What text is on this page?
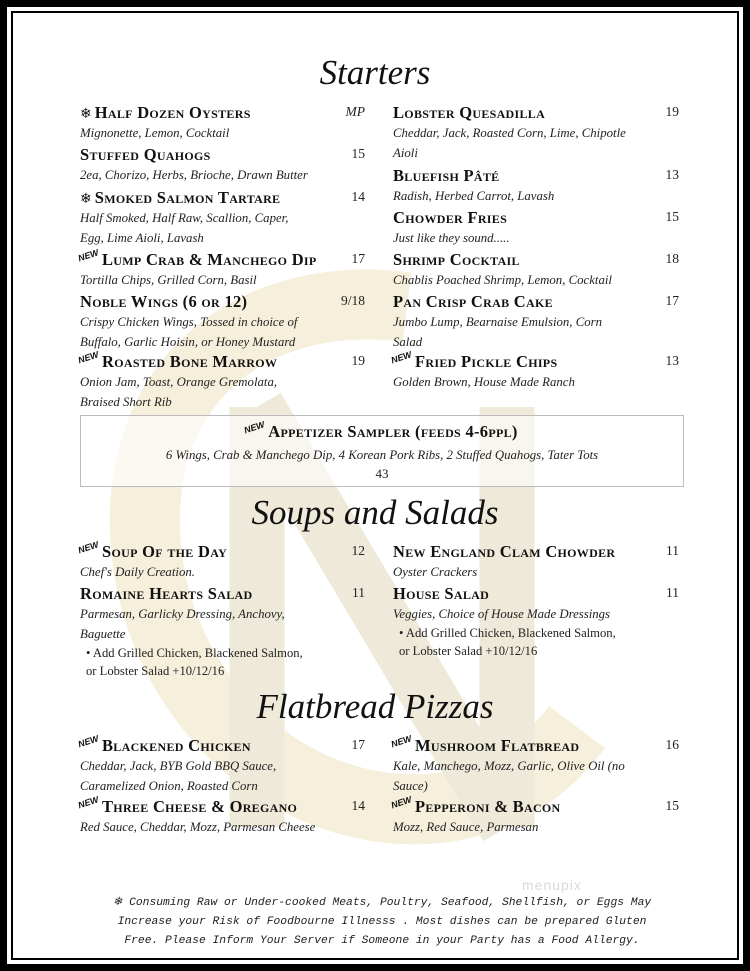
Starters
❄ Half Dozen Oysters	MP
Mignonette, Lemon, Cocktail
Stuffed Quahogs	15
2ea, Chorizo, Herbs, Brioche, Drawn Butter
❄ Smoked Salmon Tartare	14
Half Smoked, Half Raw, Scallion, Caper,
Egg, Lime Aioli, Lavash
NEW Lump Crab & Manchego Dip	17
Tortilla Chips, Grilled Corn, Basil
Noble Wings (6 or 12)	9/18
Crispy Chicken Wings, Tossed in choice of
Buffalo, Garlic Hoisin, or Honey Mustard
NEW Roasted Bone Marrow	19
Onion Jam, Toast, Orange Gremolata,
Braised Short Rib
Lobster Quesadilla	19
Cheddar, Jack, Roasted Corn, Lime, Chipotle
Aioli
Bluefish Pâté	13
Radish, Herbed Carrot, Lavash
Chowder Fries	15
Just like they sound.....
Shrimp Cocktail	18
Chablis Poached Shrimp, Lemon, Cocktail
Pan Crisp Crab Cake	17
Jumbo Lump, Bearnaise Emulsion, Corn
Salad
NEW Fried Pickle Chips	13
Golden Brown, House Made Ranch
NEW Appetizer Sampler (feeds 4-6ppl)
6 Wings, Crab & Manchego Dip, 4 Korean Pork Ribs, 2 Stuffed Quahogs, Tater Tots
43
Soups and Salads
NEW Soup Of the Day	12
Chef's Daily Creation.
Romaine Hearts Salad	11
Parmesan, Garlicky Dressing, Anchovy,
Baguette
• Add Grilled Chicken, Blackened Salmon,
or Lobster Salad +10/12/16
New England Clam Chowder	11
Oyster Crackers
House Salad	11
Veggies, Choice of House Made Dressings
• Add Grilled Chicken, Blackened Salmon,
or Lobster Salad +10/12/16
Flatbread Pizzas
NEW Blackened Chicken	17
Cheddar, Jack, BYB Gold BBQ Sauce,
Caramelized Onion, Roasted Corn
NEW Three Cheese & Oregano	14
Red Sauce, Cheddar, Mozz, Parmesan Cheese
NEW Mushroom Flatbread	16
Kale, Manchego, Mozz, Garlic, Olive Oil (no
Sauce)
NEW Pepperoni & Bacon	15
Mozz, Red Sauce, Parmesan
menupix
❄ Consuming Raw or Under-cooked Meats, Poultry, Seafood, Shellfish, or Eggs May
Increase your Risk of Foodbourne Illnesss . Most dishes can be prepared Gluten
Free. Please Inform Your Server if Someone in your Party has a Food Allergy.
